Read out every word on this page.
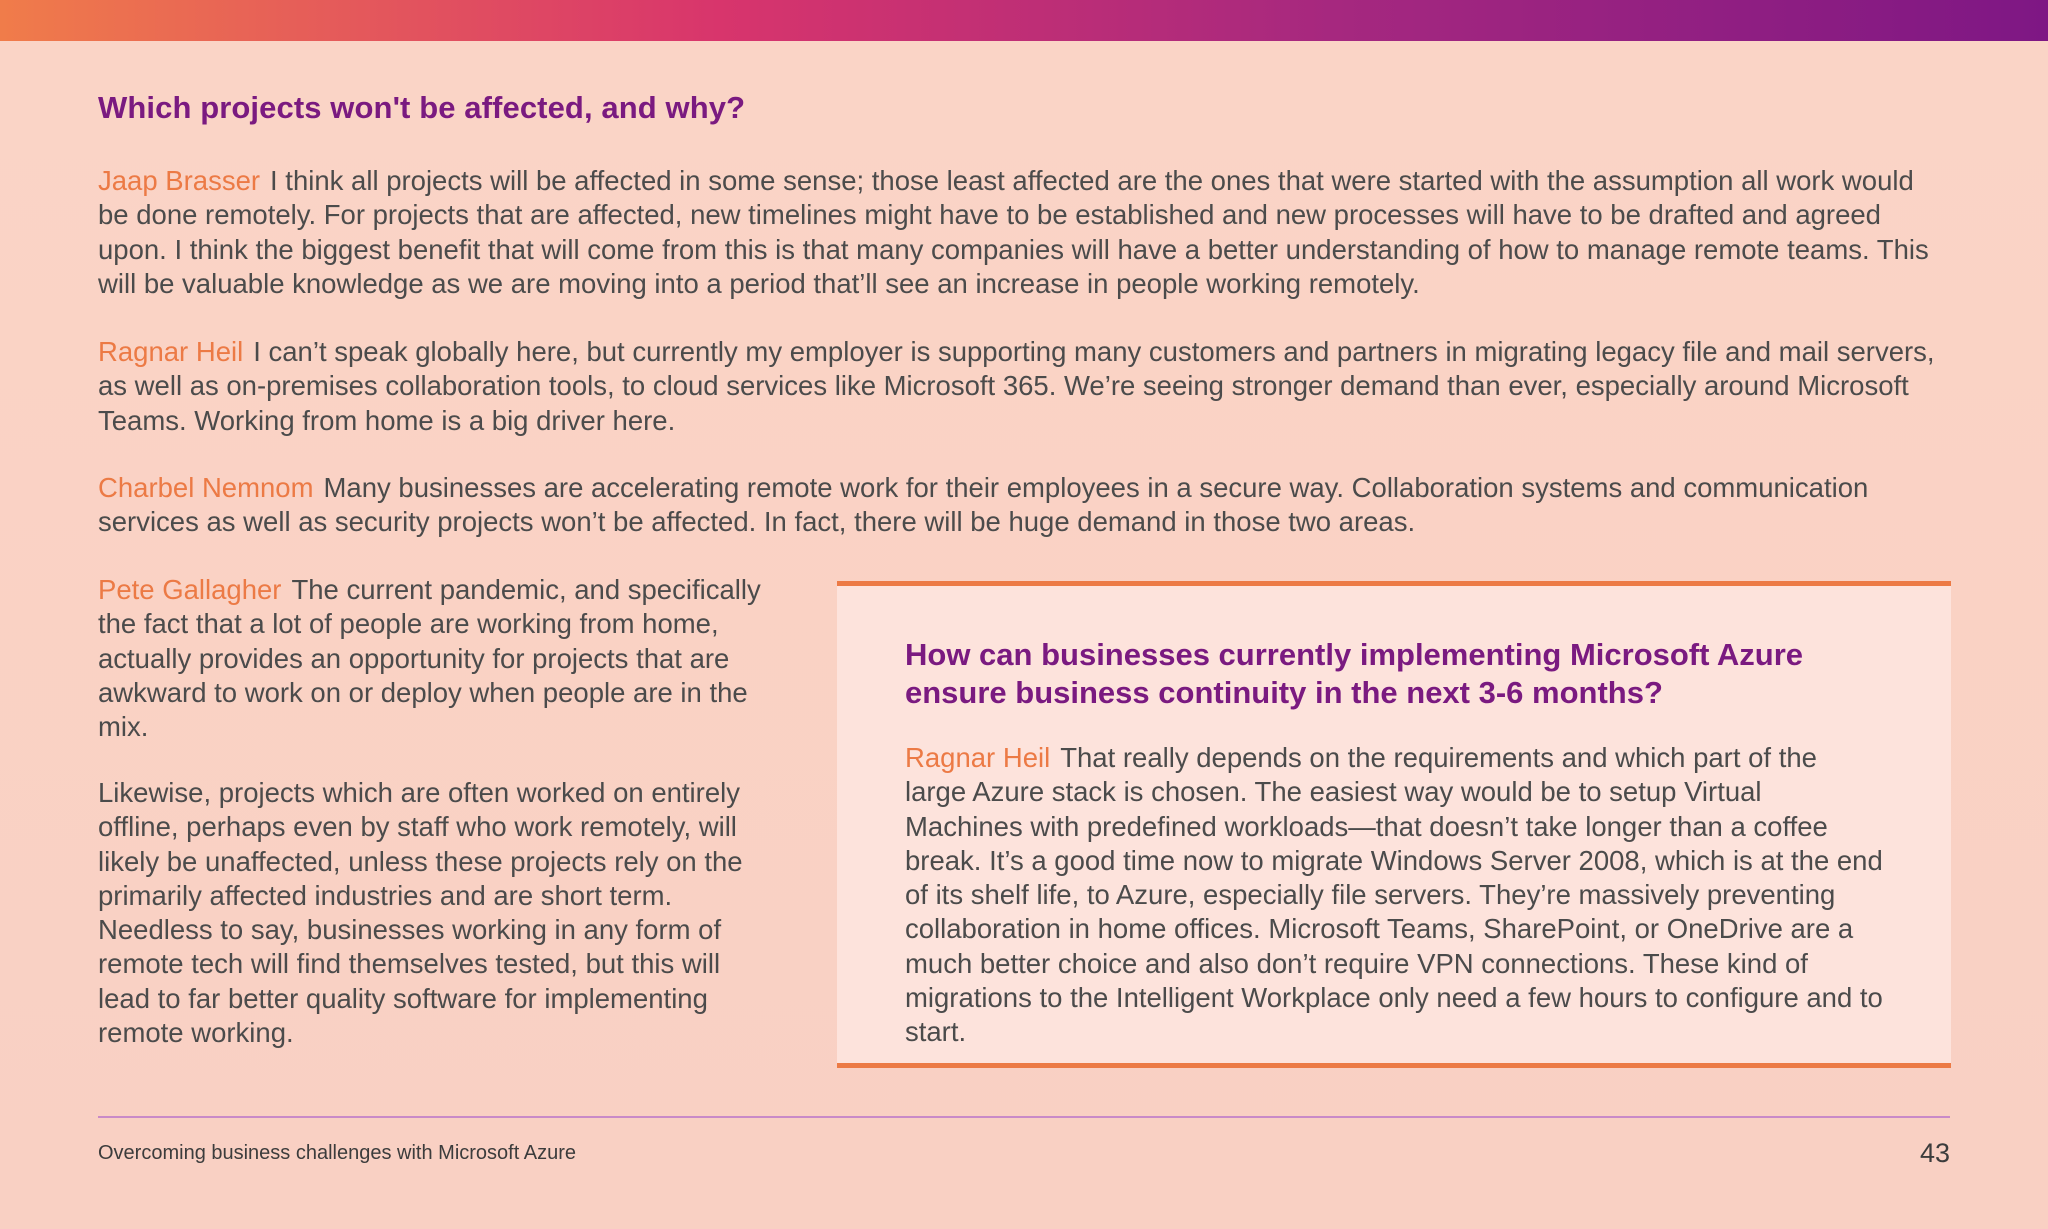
Which projects won't be affected, and why?

Jaap Brasser I think all projects will be affected in some sense; those least affected are the ones that were started with the assumption all work would be done remotely. For projects that are affected, new timelines might have to be established and new processes will have to be drafted and agreed upon. I think the biggest benefit that will come from this is that many companies will have a better understanding of how to manage remote teams. This will be valuable knowledge as we are moving into a period that’ll see an increase in people working remotely.

Ragnar Heil I can’t speak globally here, but currently my employer is supporting many customers and partners in migrating legacy file and mail servers, as well as on-premises collaboration tools, to cloud services like Microsoft 365. We’re seeing stronger demand than ever, especially around Microsoft Teams. Working from home is a big driver here.

Charbel Nemnom Many businesses are accelerating remote work for their employees in a secure way. Collaboration systems and communication services as well as security projects won’t be affected. In fact, there will be huge demand in those two areas.

Pete Gallagher The current pandemic, and specifically the fact that a lot of people are working from home, actually provides an opportunity for projects that are awkward to work on or deploy when people are in the mix.

Likewise, projects which are often worked on entirely offline, perhaps even by staff who work remotely, will likely be unaffected, unless these projects rely on the primarily affected industries and are short term. Needless to say, businesses working in any form of remote tech will find themselves tested, but this will lead to far better quality software for implementing remote working.

How can businesses currently implementing Microsoft Azure ensure business continuity in the next 3-6 months?

Ragnar Heil That really depends on the requirements and which part of the large Azure stack is chosen. The easiest way would be to setup Virtual Machines with predefined workloads—that doesn’t take longer than a coffee break. It’s a good time now to migrate Windows Server 2008, which is at the end of its shelf life, to Azure, especially file servers. They’re massively preventing collaboration in home offices. Microsoft Teams, SharePoint, or OneDrive are a much better choice and also don’t require VPN connections. These kind of migrations to the Intelligent Workplace only need a few hours to configure and to start.

Overcoming business challenges with Microsoft Azure	43
